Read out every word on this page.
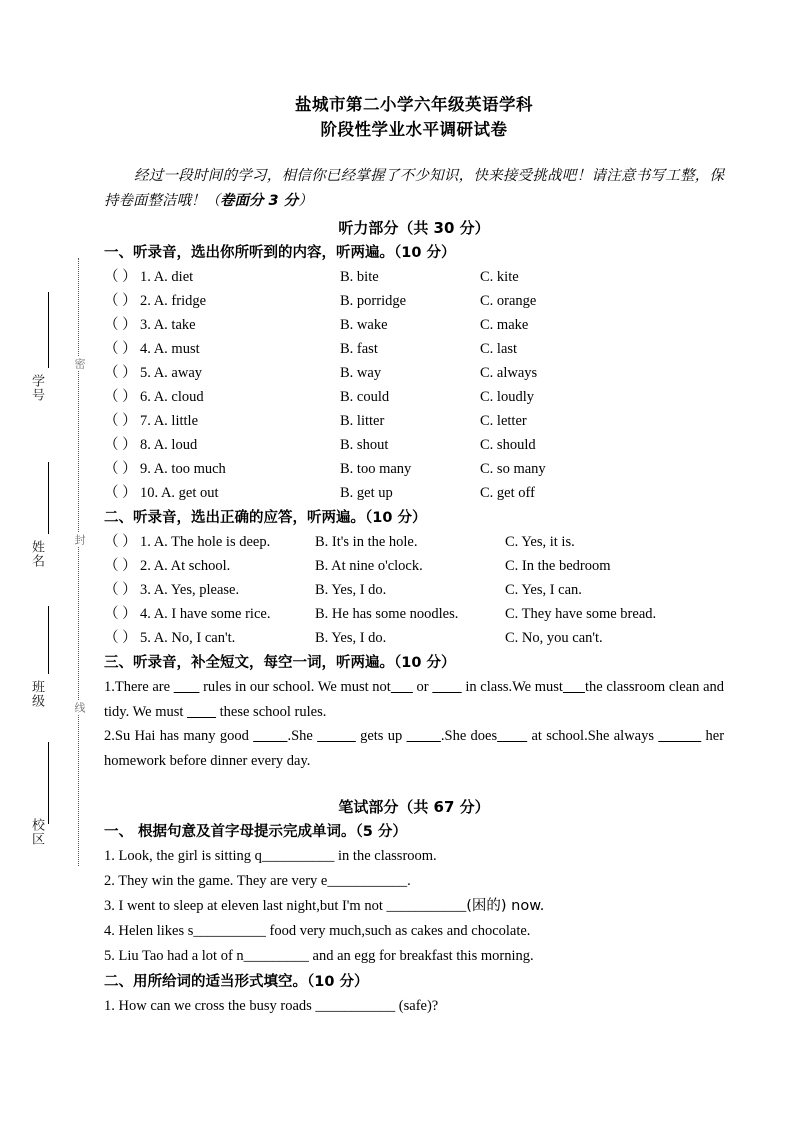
学号
姓名
班级
校区
密
封
线
盐城市第二小学六年级英语学科
阶段性学业水平调研试卷
经过一段时间的学习，相信你已经掌握了不少知识，快来接受挑战吧！请注意书写工整，保持卷面整洁哦！（卷面分 3 分）
听力部分（共 30 分）
一、听录音，选出你所听到的内容，听两遍。（10 分）
（ ） 1. A. diet	B. bite	C. kite
（ ） 2. A. fridge	B. porridge	C. orange
（ ） 3. A. take	B. wake	C. make
（ ） 4. A. must	B. fast	C. last
（ ） 5. A. away	B. way	C. always
（ ） 6. A. cloud	B. could	C. loudly
（ ） 7. A. little	B. litter	C. letter
（ ） 8. A. loud	B. shout	C. should
（ ） 9. A. too much	B. too many	C. so many
（ ） 10. A. get out	B. get up	C. get off
二、听录音，选出正确的应答，听两遍。（10 分）
（ ） 1. A. The hole is deep.	B. It's in the hole.	C. Yes, it is.
（ ） 2. A. At school.	B. At nine o'clock.	C. In the bedroom
（ ） 3. A. Yes, please.	B. Yes, I do.	C. Yes, I can.
（ ） 4. A. I have some rice.	B. He has some noodles.	C. They have some bread.
（ ） 5. A. No, I can't.	B. Yes, I do.	C. No, you can't.
三、听录音，补全短文，每空一词，听两遍。（10 分）
1.There are         rules in our school. We must not       or          in class.We must the classroom clean and tidy. We must          these school rules.
2.Su Hai has many good         .She	gets up         .She does        at school.She always	her homework before dinner every day.
笔试部分（共 67 分）
一、 根据句意及首字母提示完成单词。（5 分）
1. Look, the girl is sitting q__________ in the classroom.
2. They win the game. They are very e___________.
3. I went to sleep at eleven last night,but I'm not ___________(困的) now.
4. Helen likes s__________ food very much,such as cakes and chocolate.
5. Liu Tao had a lot of n_________ and an egg for breakfast this morning.
二、用所给词的适当形式填空。（10 分）
1. How can we cross the busy roads ___________ (safe)?
